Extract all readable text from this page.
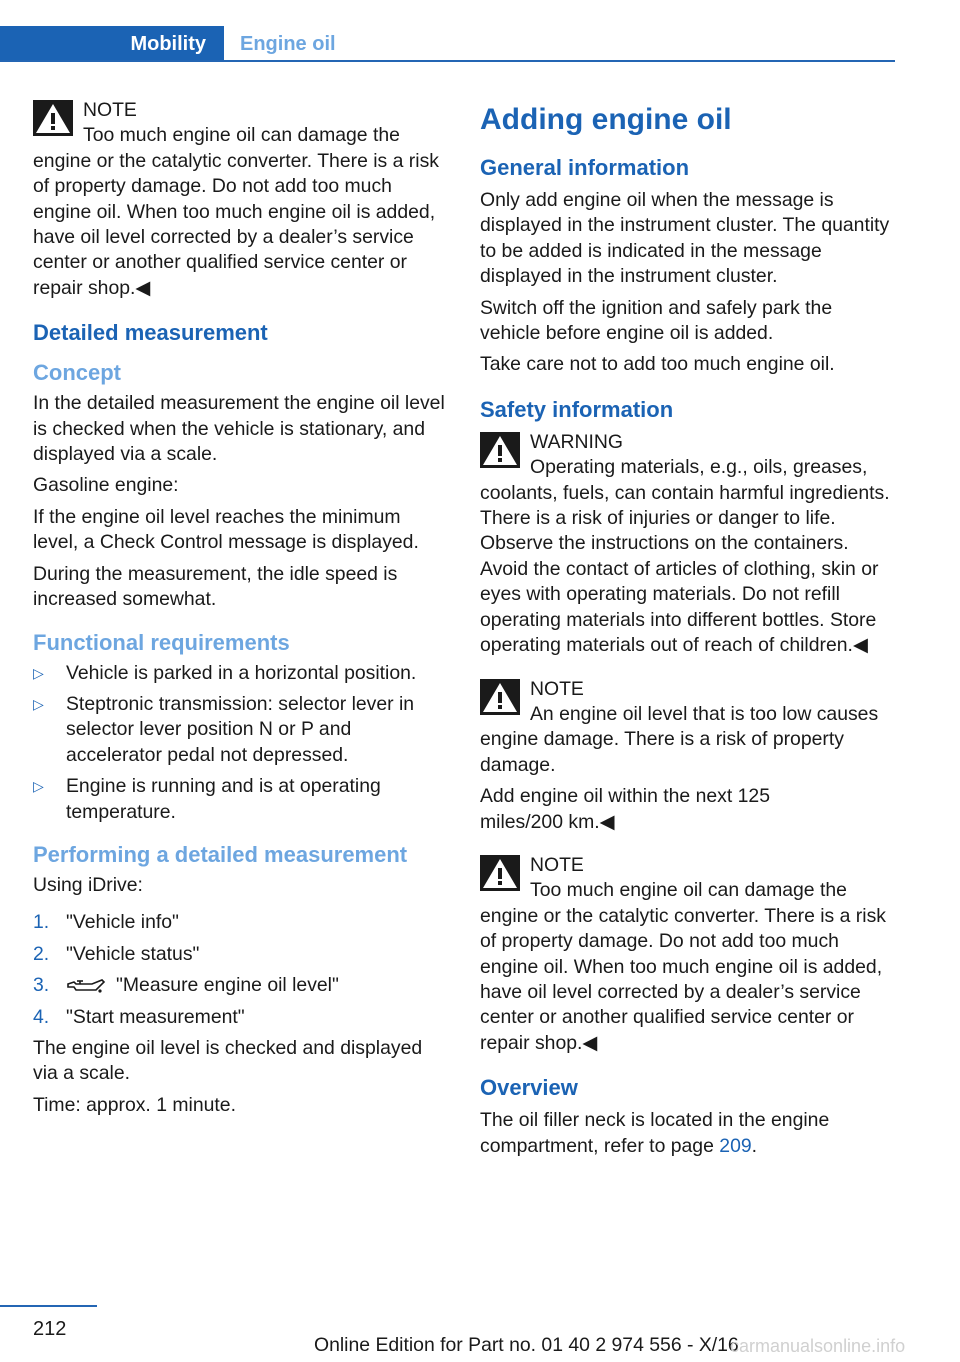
Mobility Engine oil
NOTE
Too much engine oil can damage the engine or the catalytic converter. There is a risk of property damage. Do not add too much engine oil. When too much engine oil is added, have oil level corrected by a dealer’s service center or another qualified service center or repair shop.◀
Detailed measurement
Concept

In the detailed measurement the engine oil level is checked when the vehicle is stationary, and displayed via a scale.

Gasoline engine:

If the engine oil level reaches the minimum level, a Check Control message is displayed.

During the measurement, the idle speed is increased somewhat.

Functional requirements
▷ Vehicle is parked in a horizontal position.
▷ Steptronic transmission: selector lever in selector lever position N or P and accelerator pedal not depressed.
▷ Engine is running and is at operating temperature.
Performing a detailed measurement

Using iDrive:

1. "Vehicle info"
2. "Vehicle status"
3.	"Measure engine oil level"
4. "Start measurement"

The engine oil level is checked and displayed via a scale.

Time: approx. 1 minute.

Adding engine oil
General information

Only add engine oil when the message is displayed in the instrument cluster. The quantity to be added is indicated in the message displayed in the instrument cluster.

Switch off the ignition and safely park the vehicle before engine oil is added.

Take care not to add too much engine oil.

Safety information
WARNING
Operating materials, e.g., oils, greases, coolants, fuels, can contain harmful ingredients. There is a risk of injuries or danger to life. Observe the instructions on the containers. Avoid the contact of articles of clothing, skin or eyes with operating materials. Do not refill operating materials into different bottles. Store operating materials out of reach of children.◀
NOTE
An engine oil level that is too low causes engine damage. There is a risk of property damage.

Add engine oil within the next 125 miles/200 km.◀

NOTE
Too much engine oil can damage the engine or the catalytic converter. There is a risk of property damage. Do not add too much engine oil. When too much engine oil is added, have oil level corrected by a dealer’s service center or another qualified service center or repair shop.◀
Overview

The oil filler neck is located in the engine compartment, refer to page 209.

212
Online Edition for Part no. 01 40 2 974 556 - X/16
carmanualsonline.info
